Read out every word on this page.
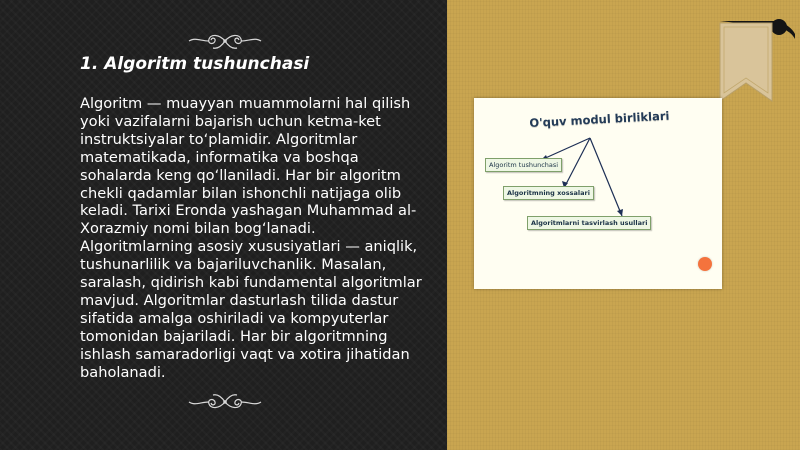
1. Algoritm tushunchasi

Algoritm — muayyan muammolarni hal qilish yoki vazifalarni bajarish uchun ketma-ket instruktsiyalar to‘plamidir. Algoritmlar matematikada, informatika va boshqa sohalarda keng qo‘llaniladi. Har bir algoritm chekli qadamlar bilan ishonchli natijaga olib keladi. Tarixi Eronda yashagan Muhammad al-Xorazmiy nomi bilan bog‘lanadi. Algoritmlarning asosiy xususiyatlari — aniqlik, tushunarlilik va bajariluvchanlik. Masalan, saralash, qidirish kabi fundamental algoritmlar mavjud. Algoritmlar dasturlash tilida dastur sifatida amalga oshiriladi va kompyuterlar tomonidan bajariladi. Har bir algoritmning ishlash samaradorligi vaqt va xotira jihatidan baholanadi.

O'quv modul birliklari
Algoritm tushunchasi
Algoritmning xossalari
Algoritmlarni tasvirlash usullari
